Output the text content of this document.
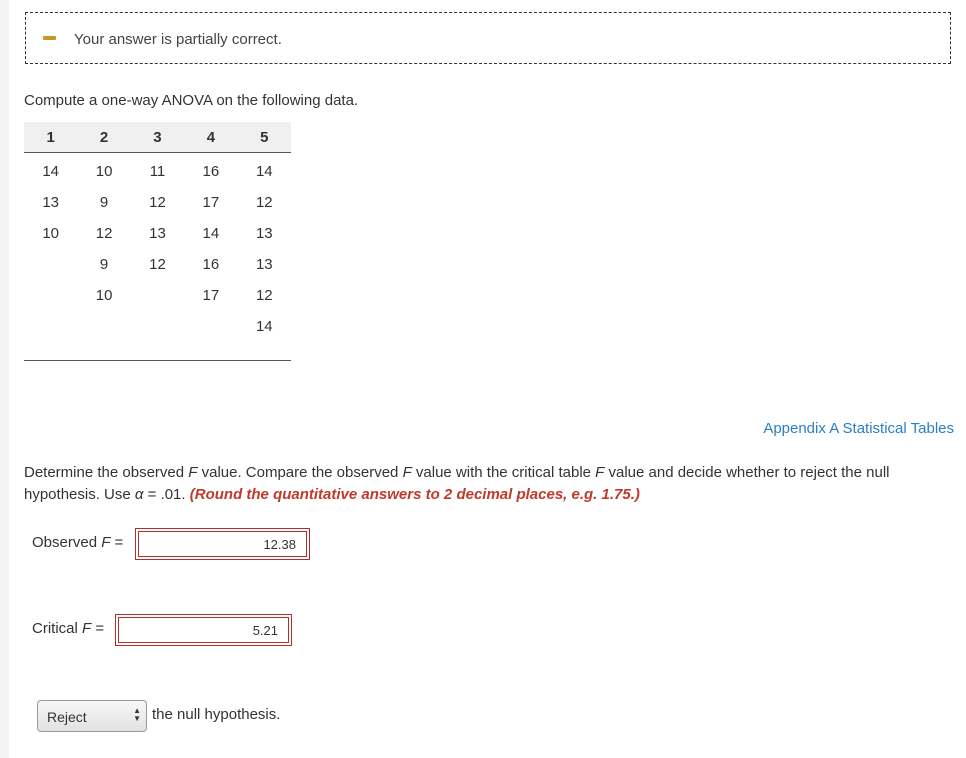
Your answer is partially correct.
Compute a one-way ANOVA on the following data.
1	2	3	4	5
14	10	11	16	14
13	9	12	17	12
10	12	13	14	13
	9	12	16	13
	10		17	12
				14

Appendix A Statistical Tables
Determine the observed F value. Compare the observed F value with the critical table F value and decide whether to reject the null hypothesis. Use α = .01. (Round the quantitative answers to 2 decimal places, e.g. 1.75.)
Observed F =
12.38
Critical F =
5.21
Reject	▲
▼ the null hypothesis.
